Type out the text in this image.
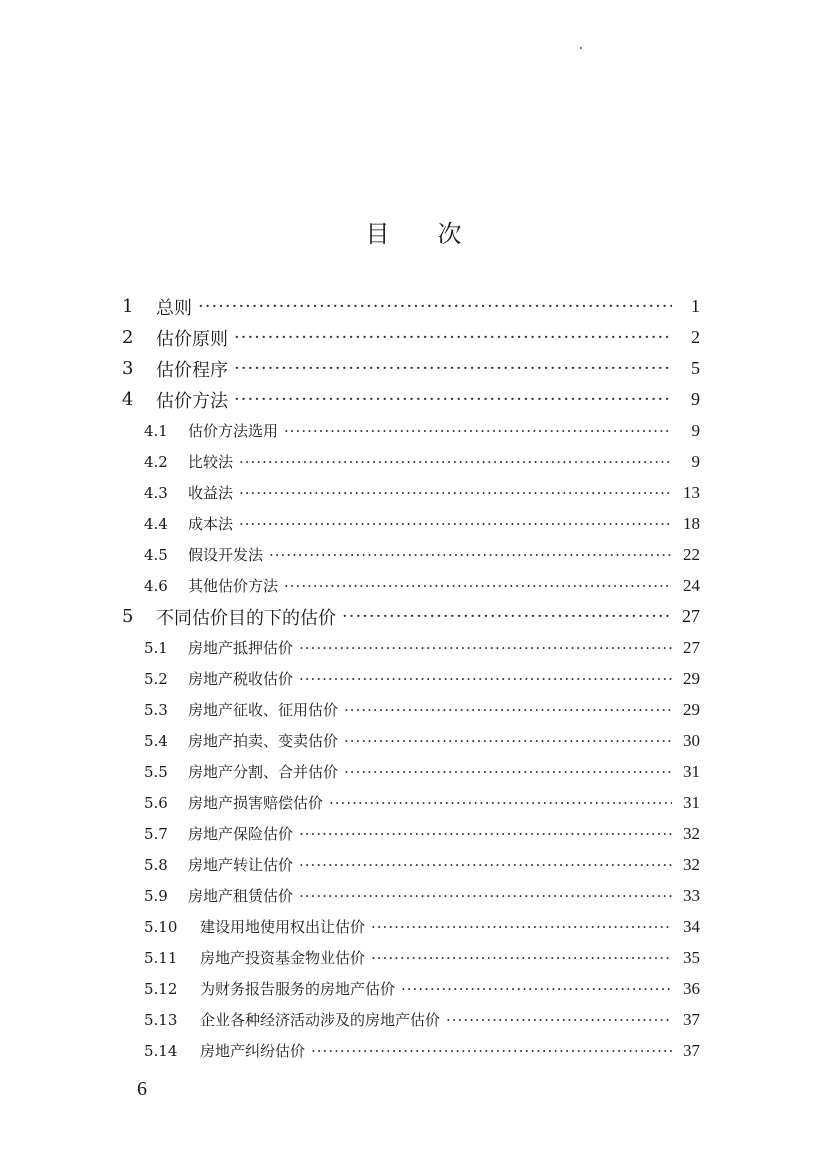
目 次
1	总则 ·····	1
2	估价原则 ·····	2
3	估价程序 ·····	5
4	估价方法 ·····	9
4.1	估价方法选用 ·····	9
4.2	比较法 ·····	9
4.3	收益法 ·····	13
4.4	成本法 ·····	18
4.5	假设开发法 ·····	22
4.6	其他估价方法 ·····	24
5	不同估价目的下的估价 ·····	27
5.1	房地产抵押估价 ·····	27
5.2	房地产税收估价 ·····	29
5.3	房地产征收、征用估价 ·····	29
5.4	房地产拍卖、变卖估价 ·····	30
5.5	房地产分割、合并估价 ·····	31
5.6	房地产损害赔偿估价 ·····	31
5.7	房地产保险估价 ·····	32
5.8	房地产转让估价 ·····	32
5.9	房地产租赁估价 ·····	33
5.10	建设用地使用权出让估价 ·····	34
5.11	房地产投资基金物业估价 ·····	35
5.12	为财务报告服务的房地产估价 ·····	36
5.13	企业各种经济活动涉及的房地产估价 ·····	37
5.14	房地产纠纷估价 ·····	37
6
